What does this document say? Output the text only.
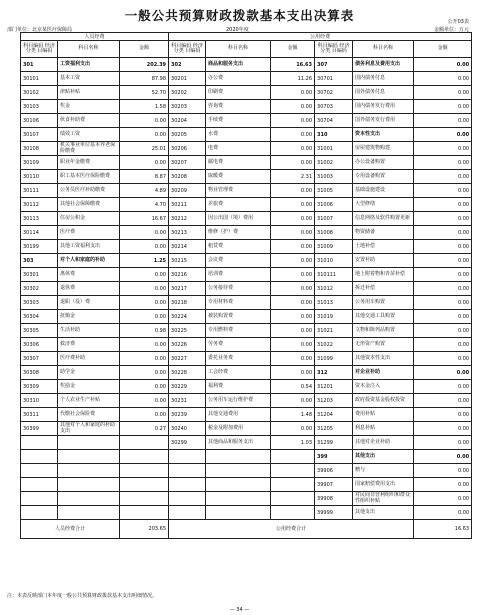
一般公共预算财政拨款基本支出决算表	公开03表
部门单位：北京某医疗保障局	2020年度	金额单位：万元
人员经费			公用经费					
科目编码 经济分类 目编码	科目名称	金额	科目编码 经济分类 目编码	科目名称	金额	科目编码 经济分类 目编码	科目名称	金额
301	工资福利支出	202.39	302	商品和服务支出	16.63	307	债务利息及费用支出	0.00
30101	基本工资	87.98	30201	办公费	11.26	30701	国内债务付息	0.00
30102	津贴补贴	52.70	30202	印刷费	0.00	30702	国外债务付息	0.00
30103	奖金	1.58	30203	咨询费	0.00	30703	国内债务发行费用	0.00
30106	伙食补助费	0.00	30204	手续费	0.00	30704	国外债务发行费用	0.00
30107	绩效工资	0.00	30205	水费	0.00	310	资本性支出	0.00
30108	机关事业单位基本养老保险缴费	25.01	30206	电费	0.00	31001	房屋建筑物购建	0.00
30109	职业年金缴费	0.00	30207	邮电费	0.00	31002	办公设备购置	0.00
30110	职工基本医疗保险缴费	8.87	30208	取暖费	2.31	31003	专用设备购置	0.00
30111	公务员医疗补助缴费	4.89	30209	物业管理费	0.00	31005	基础设施建设	0.00
30112	其他社会保障缴费	4.70	30211	差旅费	0.00	31006	大型修缮	0.00
30113	住房公积金	16.67	30212	因公出国（境）费用	0.00	31007	信息网络及软件购置更新	0.00
30114	医疗费	0.00	30213	维修（护）费	0.00	31008	物资储备	0.00
30199	其他工资福利支出	0.00	30214	租赁费	0.00	31009	土地补偿	0.00
303	对个人和家庭的补助	1.25	30215	会议费	0.00	31010	安置补助	0.00
30301	离休费	0.00	30216	培训费	0.00	310111	地上附着物和青苗补偿	0.00
30302	退休费	0.00	30217	公务接待费	0.00	31012	拆迁补偿	0.00
30303	退职（役）费	0.00	30218	专用材料费	0.00	31013	公务用车购置	0.00
30304	抚恤金	0.00	30224	被装购置费	0.00	31019	其他交通工具购置	0.00
30305	生活补助	0.98	30225	专用燃料费	0.00	31021	文物和陈列品购置	0.00
30306	救济费	0.00	30226	劳务费	0.00	31022	无形资产购置	0.00
30307	医疗费补助	0.00	30227	委托业务费	0.00	31099	其他资本性支出	0.00
30308	助学金	0.00	30228	工会经费	0.00	312	对企业补助	0.00
30309	奖励金	0.00	30229	福利费	0.54	31201	资本金注入	0.00
30310	个人农业生产补贴	0.00	30231	公务用车运行维护费	0.00	31203	政府投资基金股权投资	0.00
30311	代缴社会保险费	0.00	30239	其他交通费用	1.48	31204	费用补贴	0.00
30399	其他对个人和家庭的补助支出	0.27	30240	税金及附加费用	0.00	31205	利息补贴	0.00
			30299	其他商品和服务支出	1.03	31299	其他对企业补助	0.00
						399	其他支出	0.00
						39906	赠与	0.00
						39907	国家赔偿费用支出	0.00
						39908	对民间非营利组织和群众性组织补贴	0.00
						39999	其他支出	0.00
人员经费合计		203.65	公用经费合计					16.63
注：本表反映部门本年度一般公共预算财政拨款基本支出明细情况。
— 34 —
